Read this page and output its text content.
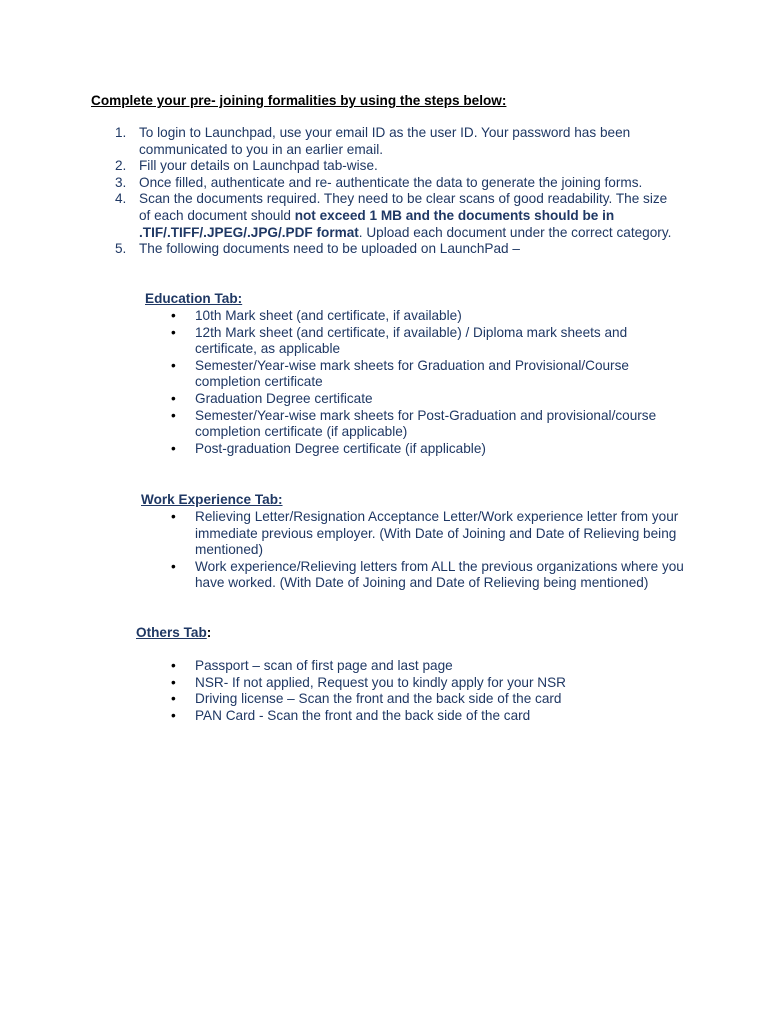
Complete your pre- joining formalities by using the steps below:
1. To login to Launchpad, use your email ID as the user ID. Your password has been communicated to you in an earlier email.
2. Fill your details on Launchpad tab-wise.
3. Once filled, authenticate and re- authenticate the data to generate the joining forms.
4. Scan the documents required. They need to be clear scans of good readability. The size of each document should not exceed 1 MB and the documents should be in .TIF/.TIFF/.JPEG/.JPG/.PDF format. Upload each document under the correct category.
5. The following documents need to be uploaded on LaunchPad –
Education Tab:
• 10th Mark sheet (and certificate, if available)
• 12th Mark sheet (and certificate, if available) / Diploma mark sheets and certificate, as applicable
• Semester/Year-wise mark sheets for Graduation and Provisional/Course completion certificate
• Graduation Degree certificate
• Semester/Year-wise mark sheets for Post-Graduation and provisional/course completion certificate (if applicable)
• Post-graduation Degree certificate (if applicable)
Work Experience Tab:
• Relieving Letter/Resignation Acceptance Letter/Work experience letter from your immediate previous employer. (With Date of Joining and Date of Relieving being mentioned)
• Work experience/Relieving letters from ALL the previous organizations where you have worked. (With Date of Joining and Date of Relieving being mentioned)
Others Tab:
• Passport – scan of first page and last page
• NSR- If not applied, Request you to kindly apply for your NSR
• Driving license – Scan the front and the back side of the card
• PAN Card - Scan the front and the back side of the card
